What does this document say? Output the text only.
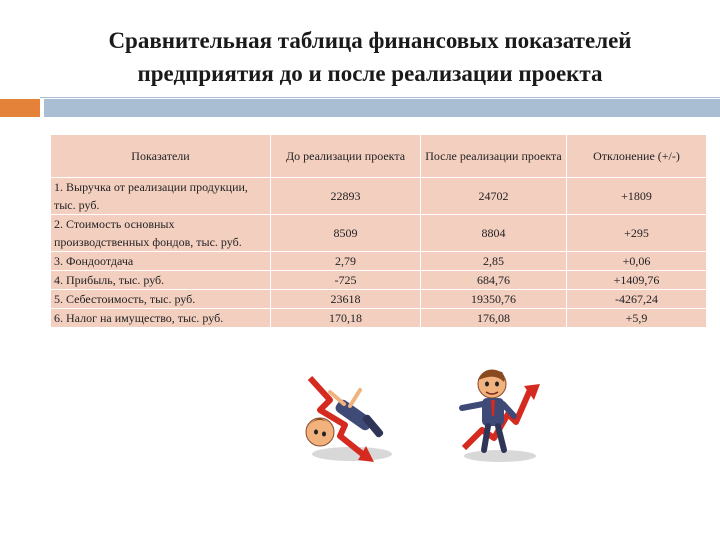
Сравнительная таблица финансовых показателей
предприятия до и после реализации проекта
Показатели	До реализации проекта	После реализации проекта	Отклонение (+/-)
1. Выручка от реализации продукции, тыс. руб.	22893	24702	+1809
2. Стоимость основных производственных фондов, тыс. руб.	8509	8804	+295
3. Фондоотдача	2,79	2,85	+0,06
4. Прибыль, тыс. руб.	-725	684,76	+1409,76
5. Себестоимость, тыс. руб.	23618	19350,76	-4267,24
6. Налог на имущество, тыс. руб.	170,18	176,08	+5,9
